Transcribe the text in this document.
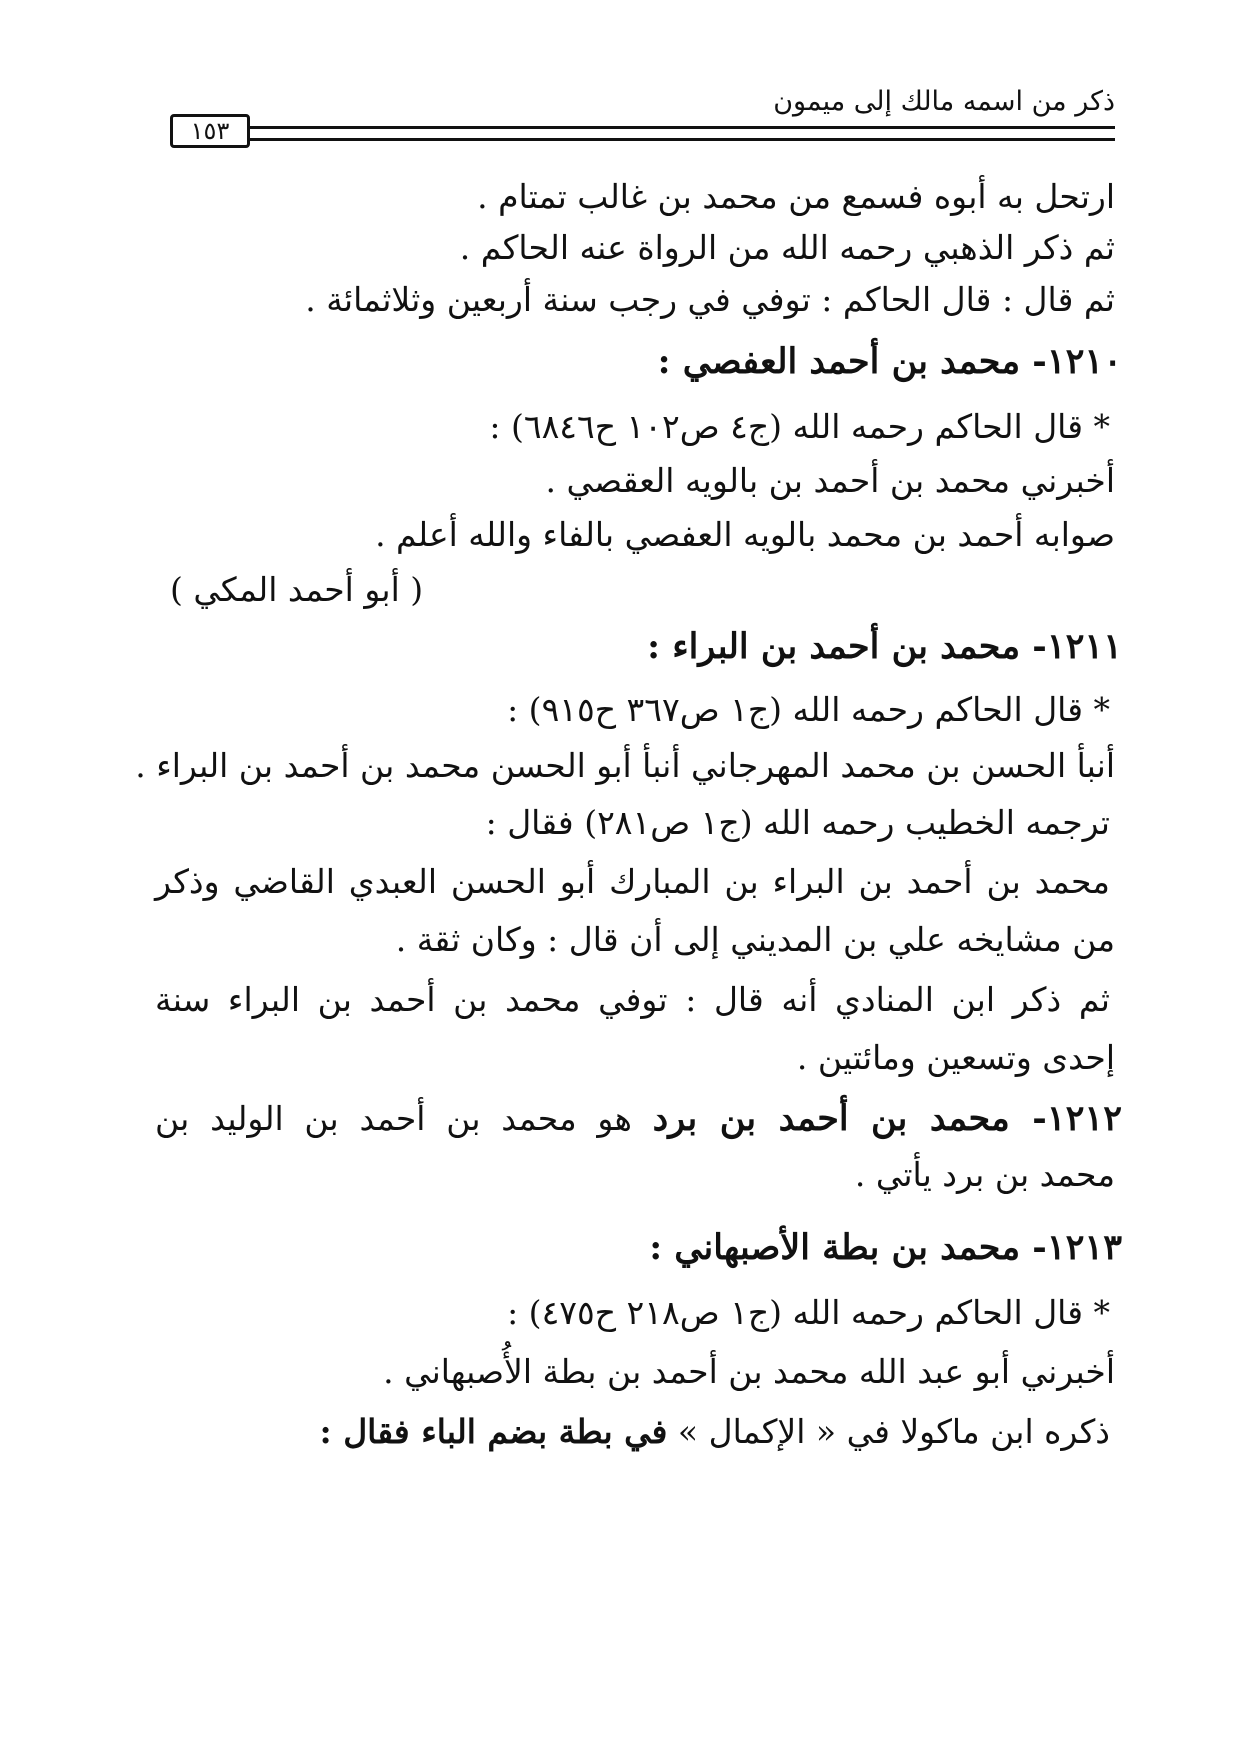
ذكر من اسمه مالك إلى ميمون
١٥٣
ارتحل به أبوه فسمع من محمد بن غالب تمتام .
ثم ذكر الذهبي رحمه الله من الرواة عنه الحاكم .
ثم قال : قال الحاكم : توفي في رجب سنة أربعين وثلاثمائة .
١٢١٠- محمد بن أحمد العفصي :
* قال الحاكم رحمه الله (ج٤ ص١٠٢ ح٦٨٤٦) :
أخبرني محمد بن أحمد بن بالويه العقصي .
صوابه أحمد بن محمد بالويه العفصي بالفاء والله أعلم .
( أبو أحمد المكي )
١٢١١- محمد بن أحمد بن البراء :
* قال الحاكم رحمه الله (ج١ ص٣٦٧ ح٩١٥) :
أنبأ الحسن بن محمد المهرجاني أنبأ أبو الحسن محمد بن أحمد بن البراء .
ترجمه الخطيب رحمه الله (ج١ ص٢٨١) فقال :
محمد بن أحمد بن البراء بن المبارك أبو الحسن العبدي القاضي وذكر
من مشايخه علي بن المديني إلى أن قال : وكان ثقة .
ثم ذكر ابن المنادي أنه قال : توفي محمد بن أحمد بن البراء سنة
إحدى وتسعين ومائتين .
١٢١٢- محمد بن أحمد بن برد هو محمد بن أحمد بن الوليد بن
محمد بن برد يأتي .
١٢١٣- محمد بن بطة الأصبهاني :
* قال الحاكم رحمه الله (ج١ ص٢١٨ ح٤٧٥) :
أخبرني أبو عبد الله محمد بن أحمد بن بطة الأُصبهاني .
ذكره ابن ماكولا في « الإكمال » في بطة بضم الباء فقال :
